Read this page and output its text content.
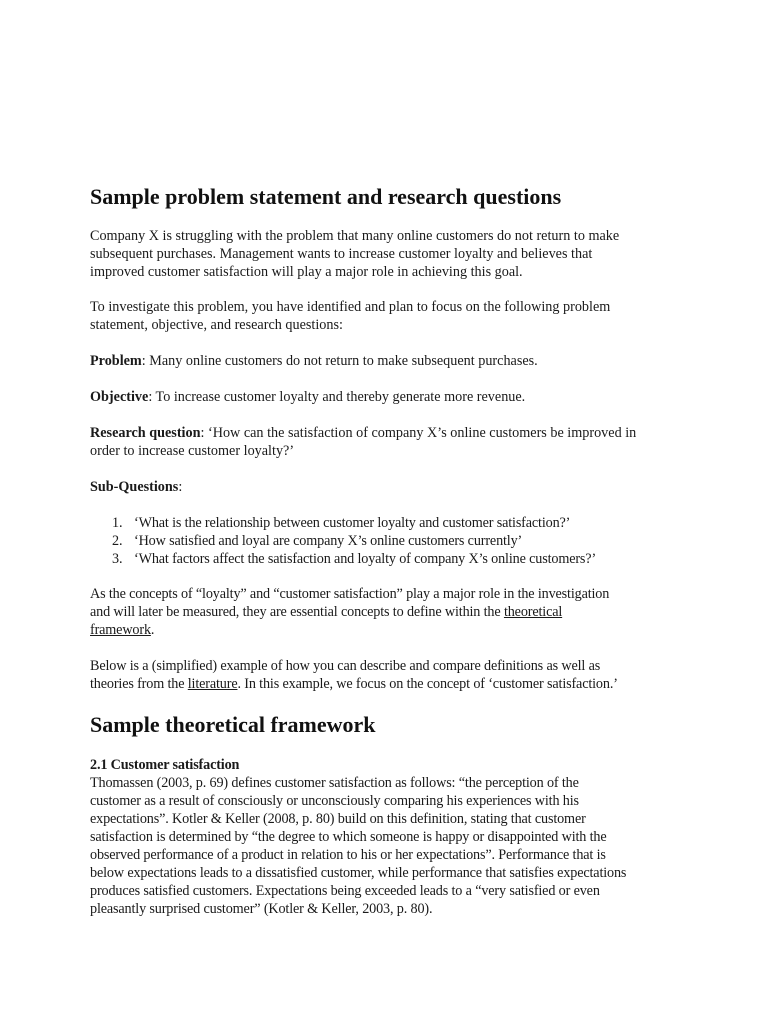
Sample problem statement and research questions
Company X is struggling with the problem that many online customers do not return to make
subsequent purchases. Management wants to increase customer loyalty and believes that
improved customer satisfaction will play a major role in achieving this goal.
To investigate this problem, you have identified and plan to focus on the following problem
statement, objective, and research questions:
Problem: Many online customers do not return to make subsequent purchases.
Objective: To increase customer loyalty and thereby generate more revenue.
Research question: ‘How can the satisfaction of company X’s online customers be improved in
order to increase customer loyalty?’
Sub-Questions:
1. ‘What is the relationship between customer loyalty and customer satisfaction?’
2. ‘How satisfied and loyal are company X’s online customers currently’
3. ‘What factors affect the satisfaction and loyalty of company X’s online customers?’
As the concepts of “loyalty” and “customer satisfaction” play a major role in the investigation
and will later be measured, they are essential concepts to define within the theoretical
framework.
Below is a (simplified) example of how you can describe and compare definitions as well as
theories from the literature. In this example, we focus on the concept of ‘customer satisfaction.’
Sample theoretical framework
2.1 Customer satisfaction
Thomassen (2003, p. 69) defines customer satisfaction as follows: “the perception of the
customer as a result of consciously or unconsciously comparing his experiences with his
expectations”. Kotler & Keller (2008, p. 80) build on this definition, stating that customer
satisfaction is determined by “the degree to which someone is happy or disappointed with the
observed performance of a product in relation to his or her expectations”. Performance that is
below expectations leads to a dissatisfied customer, while performance that satisfies expectations
produces satisfied customers. Expectations being exceeded leads to a “very satisfied or even
pleasantly surprised customer” (Kotler & Keller, 2003, p. 80).
